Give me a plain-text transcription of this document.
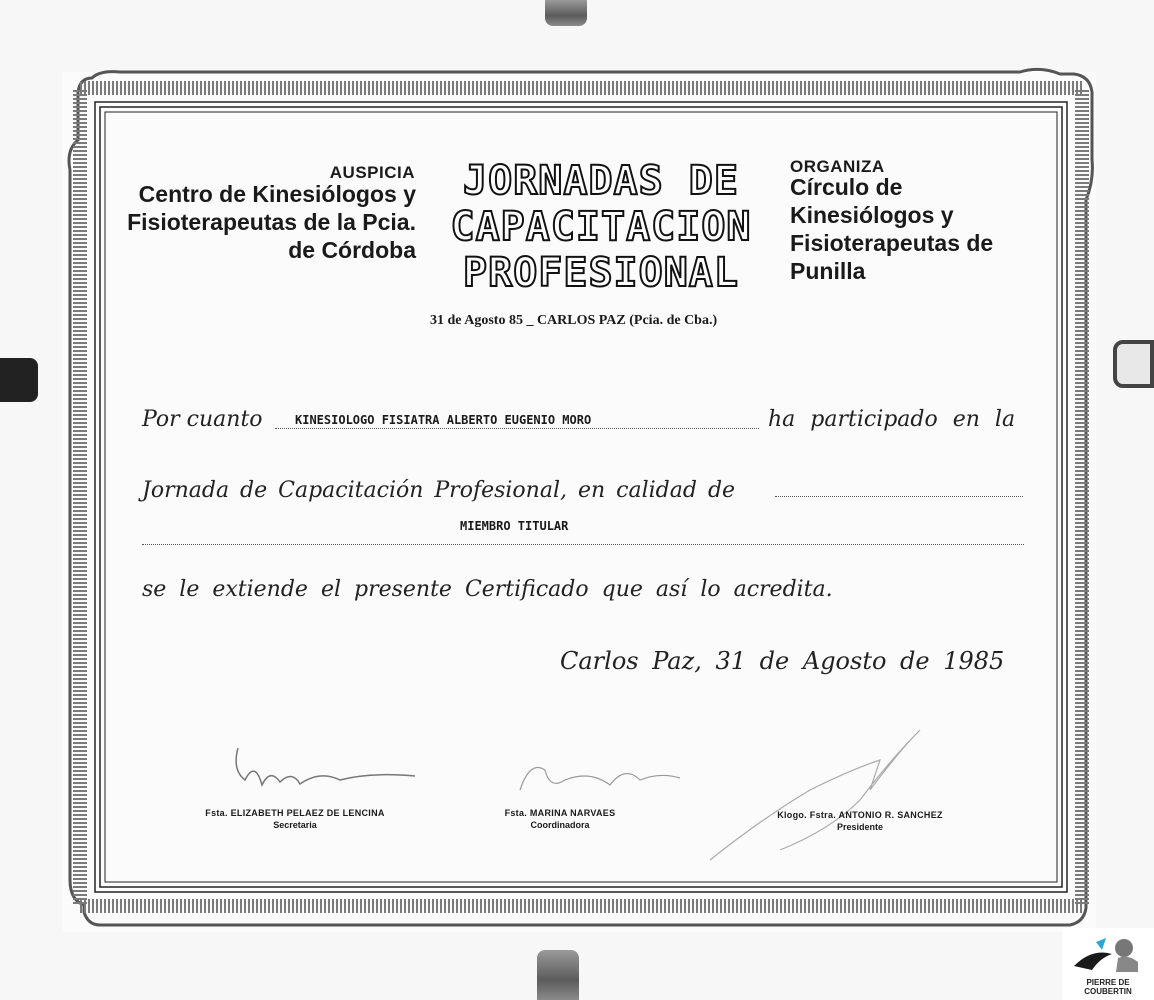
AUSPICIA
Centro de Kinesiólogos y Fisioterapeutas de la Pcia. de Córdoba
JORNADAS DE
CAPACITACION
PROFESIONAL
ORGANIZA
Círculo de Kinesiólogos y Fisioterapeutas de Punilla
31 de Agosto 85 _ CARLOS PAZ (Pcia. de Cba.)
Por cuanto	KINESIOLOGO FISIATRA ALBERTO EUGENIO MORO	ha participado en la
Jornada de Capacitación Profesional, en calidad de
MIEMBRO TITULAR
se le extiende el presente Certificado que así lo acredita.
Carlos Paz, 31 de Agosto de 1985
Fsta. ELIZABETH PELAEZ DE LENCINA
Secretaria
Fsta. MARINA NARVAES
Coordinadora
Klogo. Fstra. ANTONIO R. SANCHEZ
Presidente
PIERRE DE COUBERTIN
